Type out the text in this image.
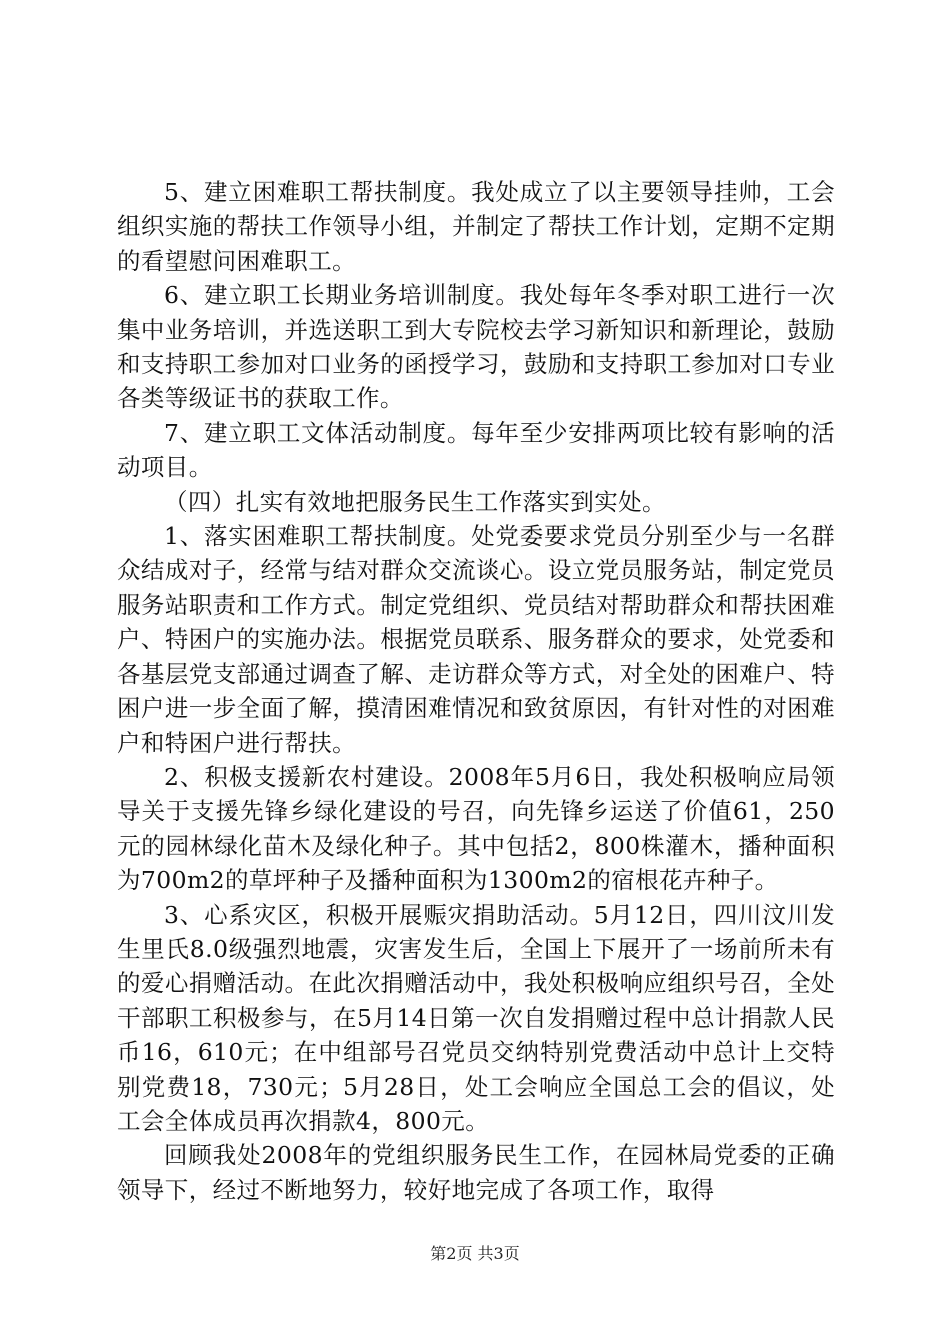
5、建立困难职工帮扶制度。我处成立了以主要领导挂帅，工会组织实施的帮扶工作领导小组，并制定了帮扶工作计划，定期不定期的看望慰问困难职工。

6、建立职工长期业务培训制度。我处每年冬季对职工进行一次集中业务培训，并选送职工到大专院校去学习新知识和新理论，鼓励和支持职工参加对口业务的函授学习，鼓励和支持职工参加对口专业各类等级证书的获取工作。

7、建立职工文体活动制度。每年至少安排两项比较有影响的活动项目。

（四）扎实有效地把服务民生工作落实到实处。

1、落实困难职工帮扶制度。处党委要求党员分别至少与一名群众结成对子，经常与结对群众交流谈心。设立党员服务站，制定党员服务站职责和工作方式。制定党组织、党员结对帮助群众和帮扶困难户、特困户的实施办法。根据党员联系、服务群众的要求，处党委和各基层党支部通过调查了解、走访群众等方式，对全处的困难户、特困户进一步全面了解，摸清困难情况和致贫原因，有针对性的对困难户和特困户进行帮扶。

2、积极支援新农村建设。2008年5月6日，我处积极响应局领导关于支援先锋乡绿化建设的号召，向先锋乡运送了价值61，250元的园林绿化苗木及绿化种子。其中包括2，800株灌木，播种面积为700m2的草坪种子及播种面积为1300m2的宿根花卉种子。

3、心系灾区，积极开展赈灾捐助活动。5月12日，四川汶川发生里氏8.0级强烈地震，灾害发生后，全国上下展开了一场前所未有的爱心捐赠活动。在此次捐赠活动中，我处积极响应组织号召，全处干部职工积极参与，在5月14日第一次自发捐赠过程中总计捐款人民币16，610元；在中组部号召党员交纳特别党费活动中总计上交特别党费18，730元；5月28日，处工会响应全国总工会的倡议，处工会全体成员再次捐款4，800元。

回顾我处2008年的党组织服务民生工作，在园林局党委的正确领导下，经过不断地努力，较好地完成了各项工作，取得

第2页 共3页
